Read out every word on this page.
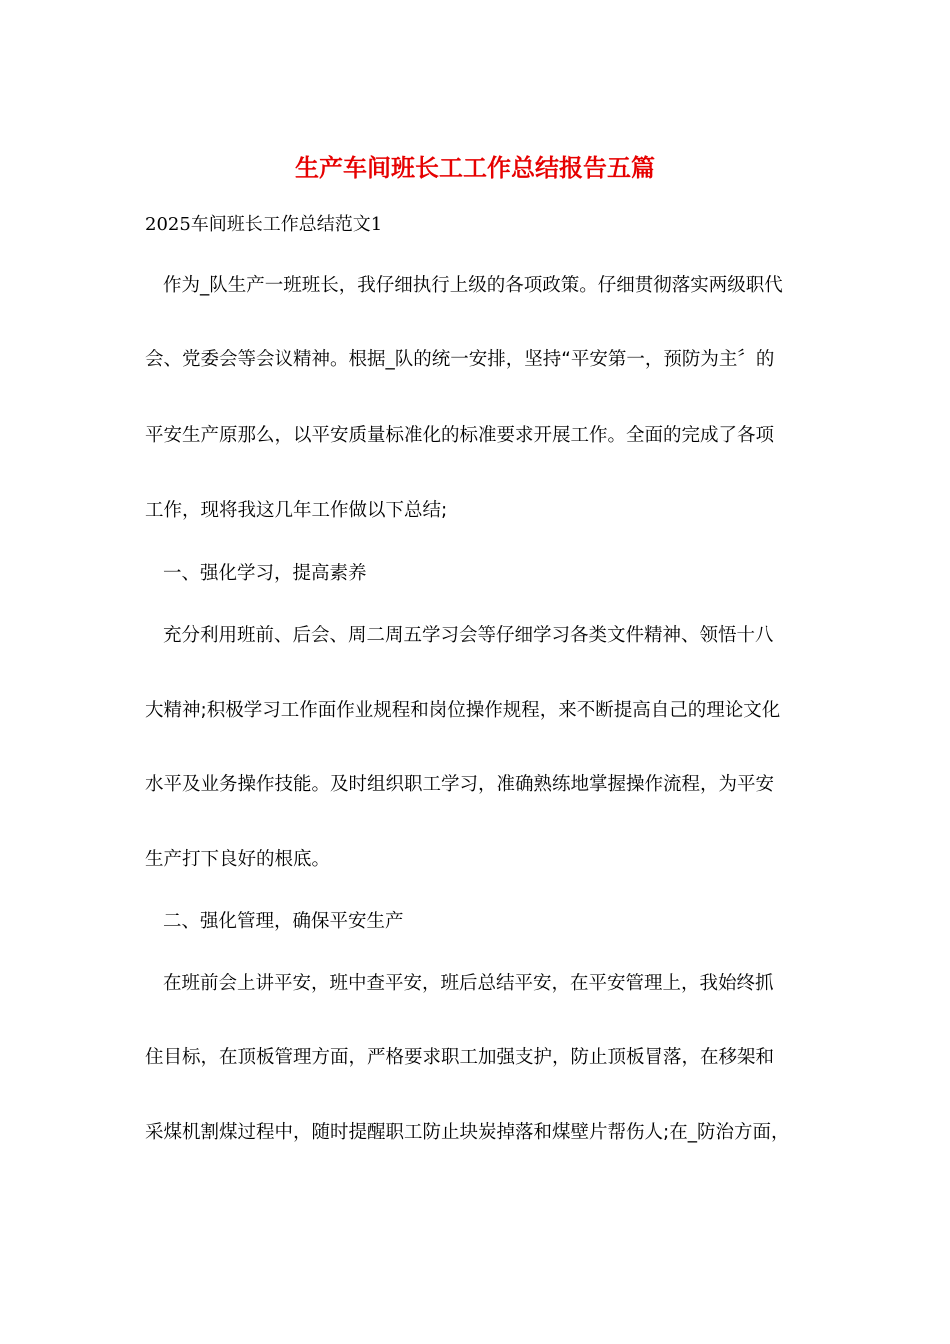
生产车间班长工工作总结报告五篇
2025车间班长工作总结范文1
作为_队生产一班班长，我仔细执行上级的各项政策。仔细贯彻落实两级职代
会、党委会等会议精神。根据_队的统一安排，坚持“平安第一，预防为主〞的
平安生产原那么，以平安质量标准化的标准要求开展工作。全面的完成了各项
工作，现将我这几年工作做以下总结;
一、强化学习，提高素养
充分利用班前、后会、周二周五学习会等仔细学习各类文件精神、领悟十八
大精神;积极学习工作面作业规程和岗位操作规程，来不断提高自己的理论文化
水平及业务操作技能。及时组织职工学习，准确熟练地掌握操作流程，为平安
生产打下良好的根底。
二、强化管理，确保平安生产
在班前会上讲平安，班中查平安，班后总结平安，在平安管理上，我始终抓
住目标，在顶板管理方面，严格要求职工加强支护，防止顶板冒落，在移架和
采煤机割煤过程中，随时提醒职工防止块炭掉落和煤壁片帮伤人;在_防治方面，
